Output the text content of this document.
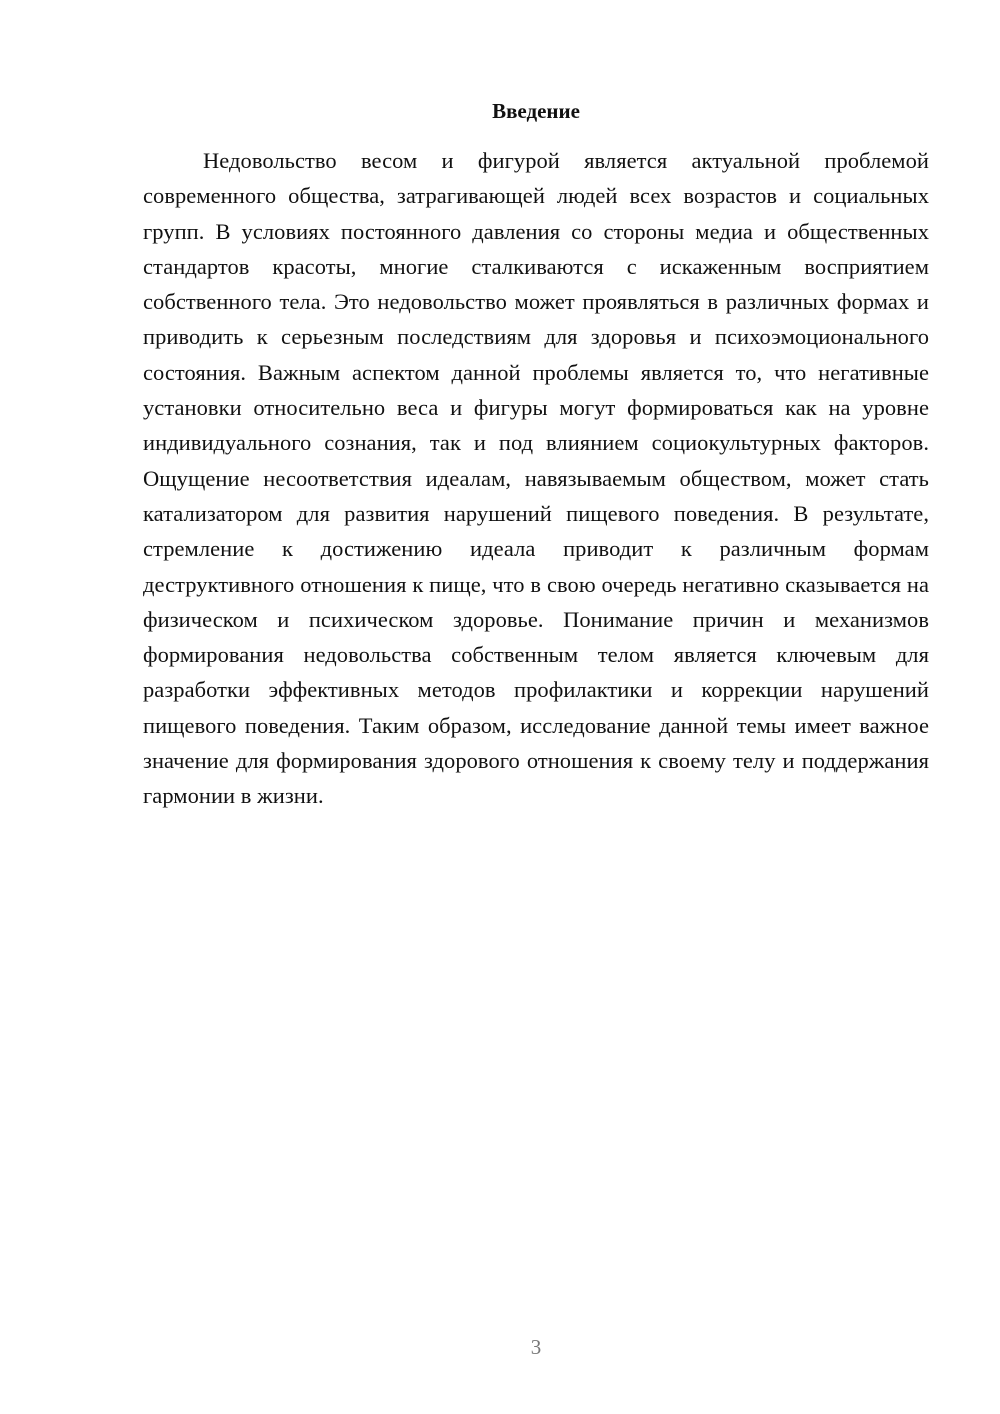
Введение

Недовольство весом и фигурой является актуальной проблемой современного общества, затрагивающей людей всех возрастов и социальных групп. В условиях постоянного давления со стороны медиа и общественных стандартов красоты, многие сталкиваются с искаженным восприятием собственного тела. Это недовольство может проявляться в различных формах и приводить к серьезным последствиям для здоровья и психоэмоционального состояния. Важным аспектом данной проблемы является то, что негативные установки относительно веса и фигуры могут формироваться как на уровне индивидуального сознания, так и под влиянием социокультурных факторов. Ощущение несоответствия идеалам, навязываемым обществом, может стать катализатором для развития нарушений пищевого поведения. В результате, стремление к достижению идеала приводит к различным формам деструктивного отношения к пище, что в свою очередь негативно сказывается на физическом и психическом здоровье. Понимание причин и механизмов формирования недовольства собственным телом является ключевым для разработки эффективных методов профилактики и коррекции нарушений пищевого поведения. Таким образом, исследование данной темы имеет важное значение для формирования здорового отношения к своему телу и поддержания гармонии в жизни.

3
